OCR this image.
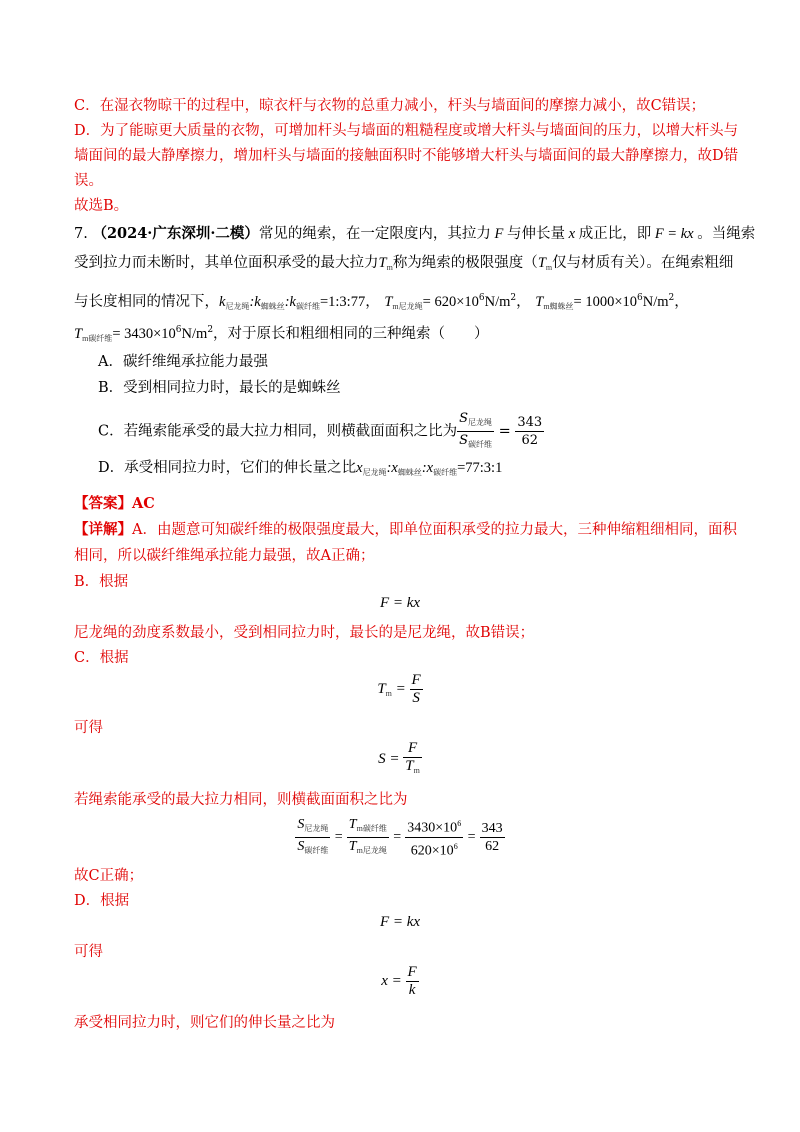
C．在湿衣物晾干的过程中，晾衣杆与衣物的总重力减小，杆头与墙面间的摩擦力减小，故C错误；
D．为了能晾更大质量的衣物，可增加杆头与墙面的粗糙程度或增大杆头与墙面间的压力，以增大杆头与
墙面间的最大静摩擦力，增加杆头与墙面的接触面积时不能够增大杆头与墙面间的最大静摩擦力，故D错
误。
故选B。
7. （2024·广东深圳·二模）常见的绳索，在一定限度内，其拉力 F 与伸长量 x 成正比，即 F = kx 。当绳索
受到拉力而未断时，其单位面积承受的最大拉力$T_m$称为绳索的极限强度（$T_m$仅与材质有关）。在绳索粗细
与长度相同的情况下，$k_{尼龙绳}:k_{蜘蛛丝}:k_{碳纤维}=1:3:77$， $T_{m尼龙绳}= 620\times 10^6N/m^2$， $T_{m蜘蛛丝}= 1000\times 10^6N/m^2$，
$T_{m碳纤维}= 3430\times 10^6N/m^2$，对于原长和粗细相同的三种绳索（　　）
A．碳纤维绳承拉能力最强
B．受到相同拉力时，最长的是蜘蛛丝
C．若绳索能承受的最大拉力相同，则横截面面积之比为 $\frac{S_{尼龙绳}}{S_{碳纤维}} = \frac{343}{62}$
D．承受相同拉力时，它们的伸长量之比$x_{尼龙绳}:x_{蜘蛛丝}:x_{碳纤维}=77:3:1$
【答案】AC
【详解】A．由题意可知碳纤维的极限强度最大，即单位面积承受的拉力最大，三种伸缩粗细相同，面积
相同，所以碳纤维绳承拉能力最强，故A正确；
B．根据
F = kx
尼龙绳的劲度系数最小，受到相同拉力时，最长的是尼龙绳，故B错误；
C．根据
$T_m = \frac{F}{S}$
可得
$S = \frac{F}{T_m}$
若绳索能承受的最大拉力相同，则横截面面积之比为
$\frac{S_{尼龙绳}}{S_{碳纤维}} = \frac{T_{m碳纤维}}{T_{m尼龙绳}} = \frac{3430\times 10^6}{620\times 10^6} = \frac{343}{62}$
故C正确；
D．根据
F = kx
可得
$x = \frac{F}{k}$
承受相同拉力时，则它们的伸长量之比为
